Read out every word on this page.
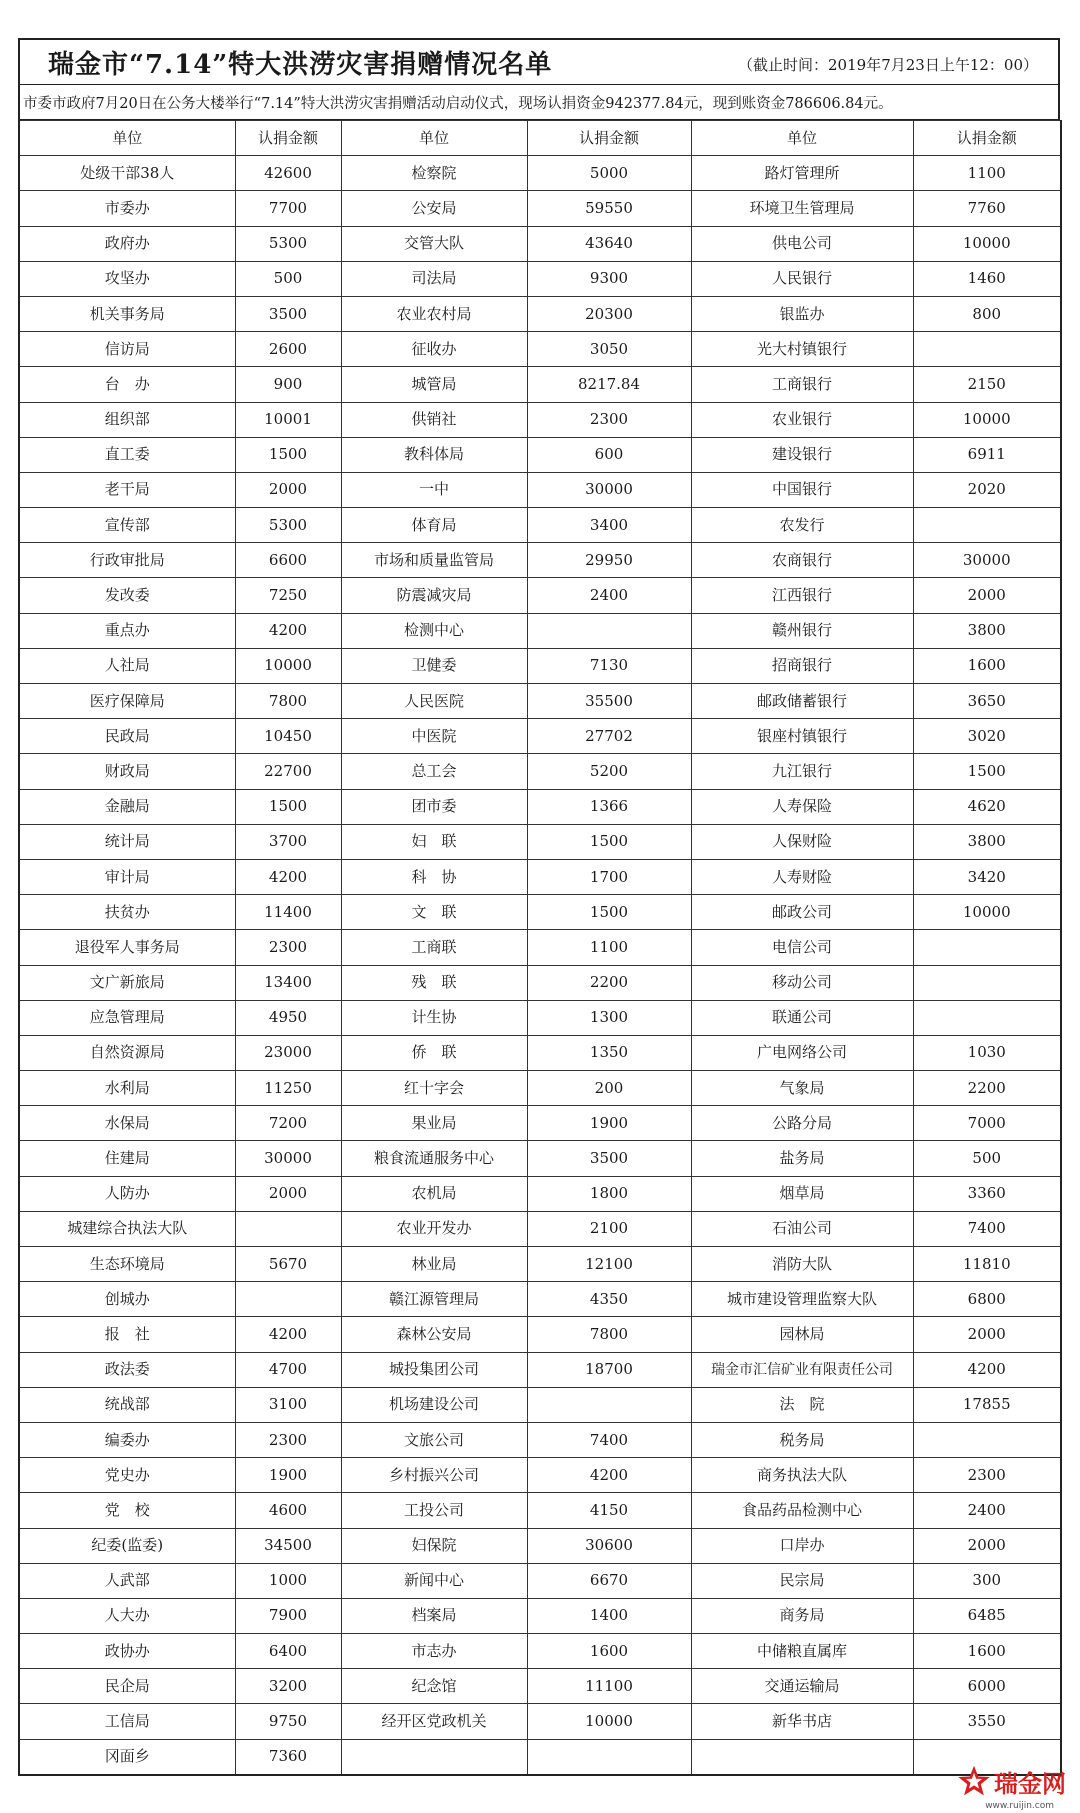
瑞金市“7.14”特大洪涝灾害捐赠情况名单	（截止时间：2019年7月23日上午12：00）
市委市政府7月20日在公务大楼举行“7.14”特大洪涝灾害捐赠活动启动仪式，现场认捐资金942377.84元，现到账资金786606.84元。
单位	认捐金额	单位	认捐金额	单位	认捐金额
处级干部38人	42600	检察院	5000	路灯管理所	1100
市委办	7700	公安局	59550	环境卫生管理局	7760
政府办	5300	交管大队	43640	供电公司	10000
攻坚办	500	司法局	9300	人民银行	1460
机关事务局	3500	农业农村局	20300	银监办	800
信访局	2600	征收办	3050	光大村镇银行	
台　办	900	城管局	8217.84	工商银行	2150
组织部	10001	供销社	2300	农业银行	10000
直工委	1500	教科体局	600	建设银行	6911
老干局	2000	一中	30000	中国银行	2020
宣传部	5300	体育局	3400	农发行	
行政审批局	6600	市场和质量监管局	29950	农商银行	30000
发改委	7250	防震减灾局	2400	江西银行	2000
重点办	4200	检测中心		赣州银行	3800
人社局	10000	卫健委	7130	招商银行	1600
医疗保障局	7800	人民医院	35500	邮政储蓄银行	3650
民政局	10450	中医院	27702	银座村镇银行	3020
财政局	22700	总工会	5200	九江银行	1500
金融局	1500	团市委	1366	人寿保险	4620
统计局	3700	妇　联	1500	人保财险	3800
审计局	4200	科　协	1700	人寿财险	3420
扶贫办	11400	文　联	1500	邮政公司	10000
退役军人事务局	2300	工商联	1100	电信公司	
文广新旅局	13400	残　联	2200	移动公司	
应急管理局	4950	计生协	1300	联通公司	
自然资源局	23000	侨　联	1350	广电网络公司	1030
水利局	11250	红十字会	200	气象局	2200
水保局	7200	果业局	1900	公路分局	7000
住建局	30000	粮食流通服务中心	3500	盐务局	500
人防办	2000	农机局	1800	烟草局	3360
城建综合执法大队		农业开发办	2100	石油公司	7400
生态环境局	5670	林业局	12100	消防大队	11810
创城办		赣江源管理局	4350	城市建设管理监察大队	6800
报　社	4200	森林公安局	7800	园林局	2000
政法委	4700	城投集团公司	18700	瑞金市汇信矿业有限责任公司	4200
统战部	3100	机场建设公司		法　院	17855
编委办	2300	文旅公司	7400	税务局	
党史办	1900	乡村振兴公司	4200	商务执法大队	2300
党　校	4600	工投公司	4150	食品药品检测中心	2400
纪委(监委)	34500	妇保院	30600	口岸办	2000
人武部	1000	新闻中心	6670	民宗局	300
人大办	7900	档案局	1400	商务局	6485
政协办	6400	市志办	1600	中储粮直属库	1600
民企局	3200	纪念馆	11100	交通运输局	6000
工信局	9750	经开区党政机关	10000	新华书店	3550
冈面乡	7360				
瑞金网
www.ruijin.com
